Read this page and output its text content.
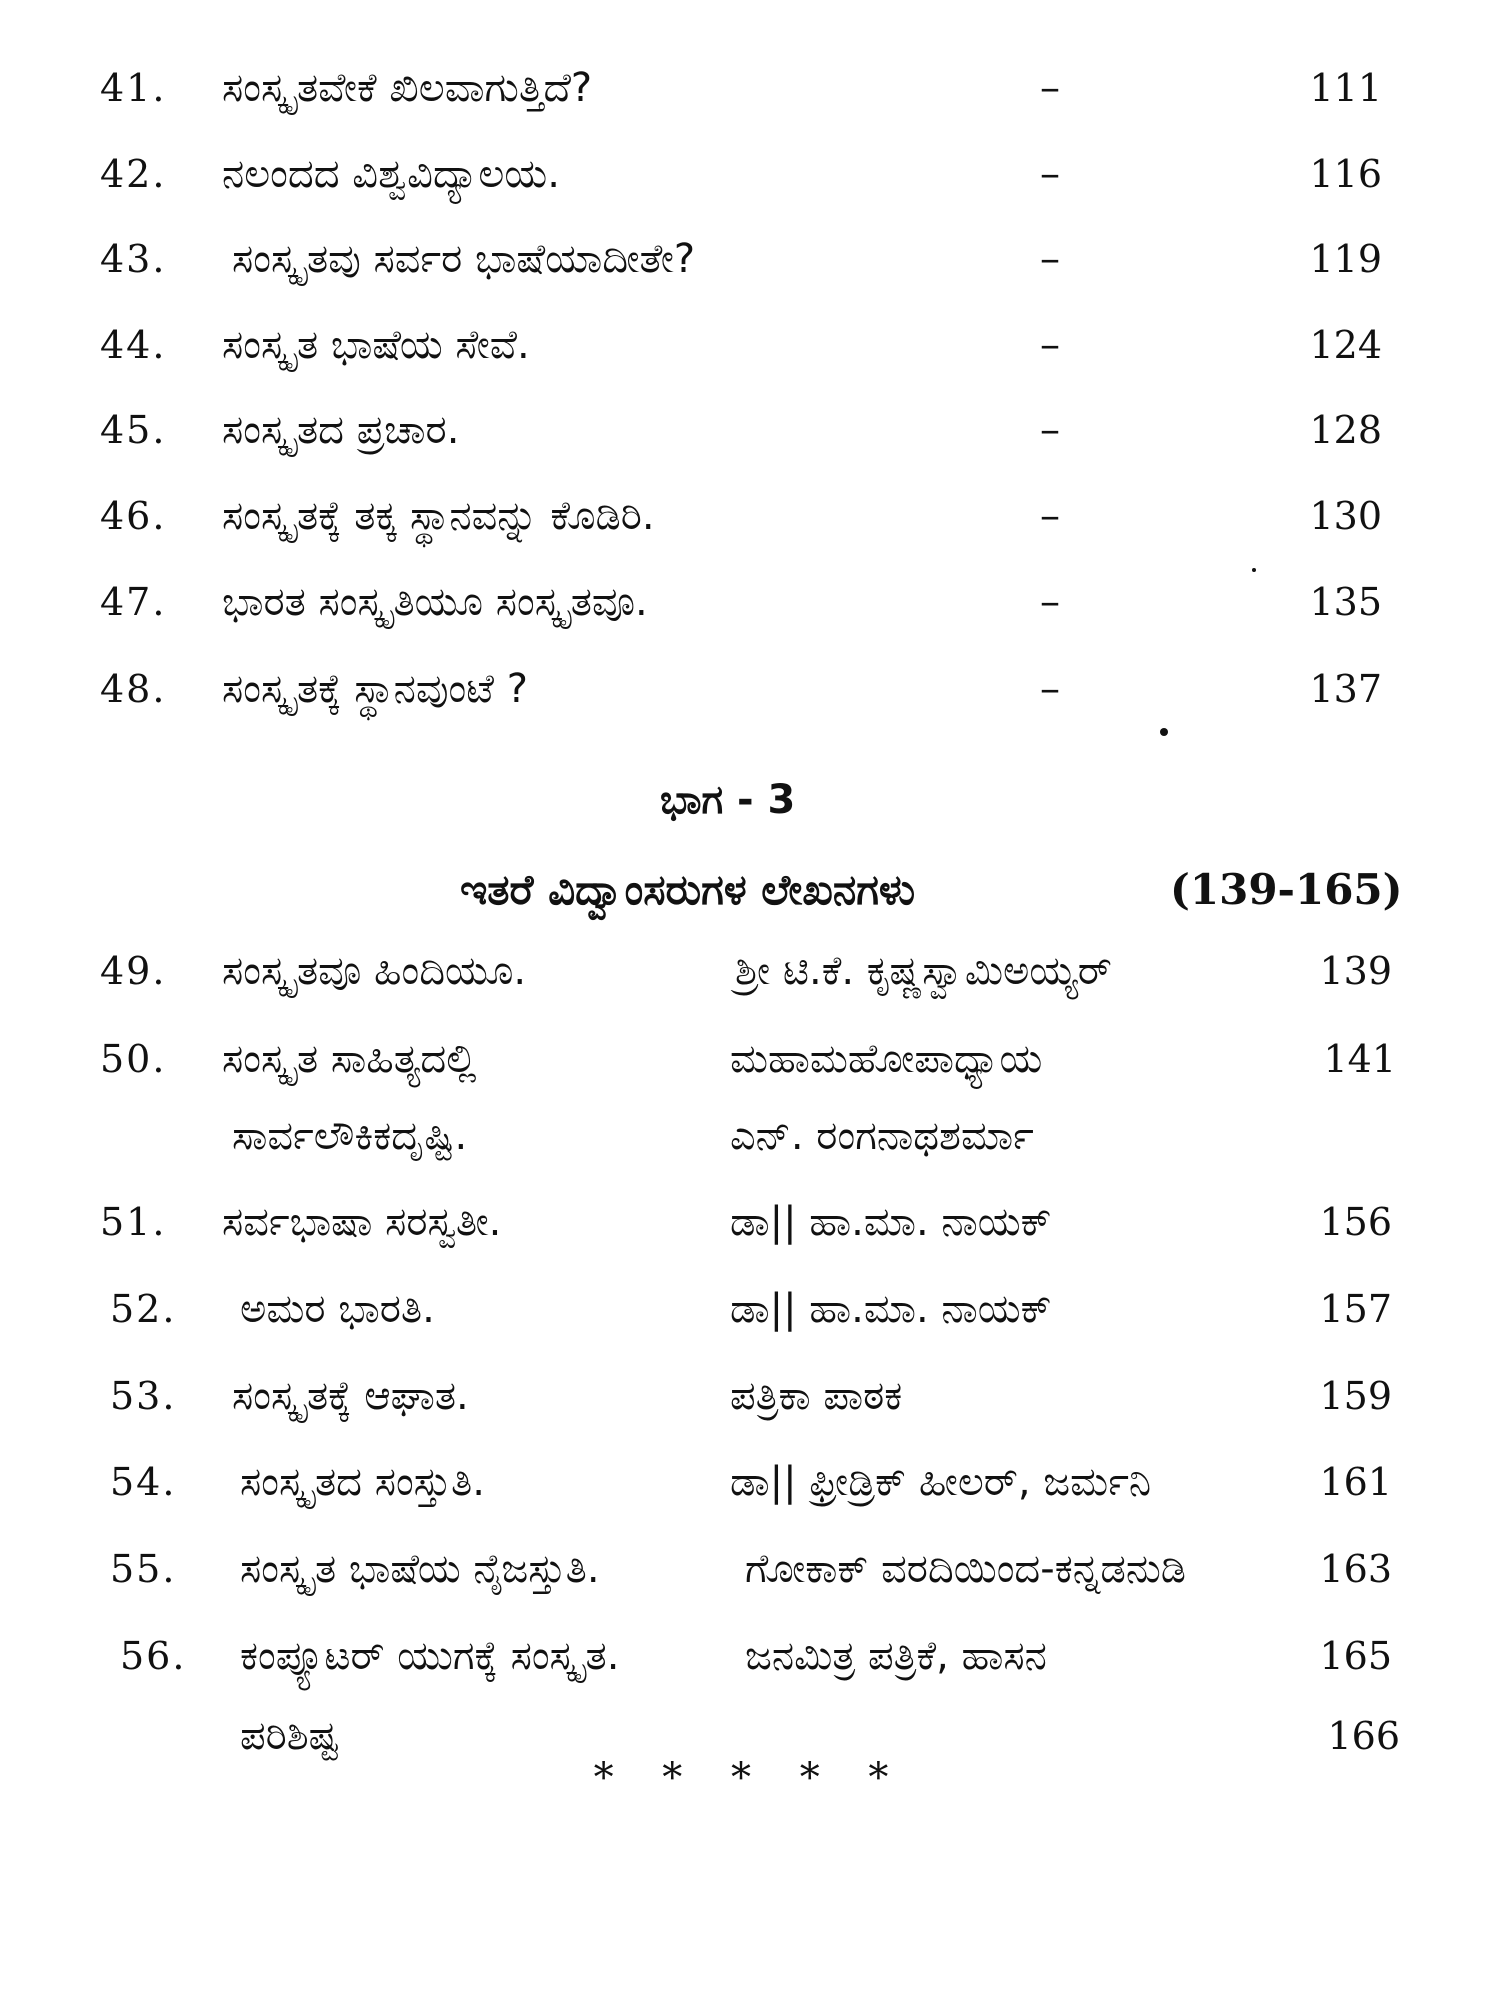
41. ಸಂಸ್ಕೃತವೇಕೆ ಖಿಲವಾಗುತ್ತಿದೆ?	–	111
42. ನಲಂದದ ವಿಶ್ವವಿದ್ಯಾಲಯ.	–	116
43. ಸಂಸ್ಕೃತವು ಸರ್ವರ ಭಾಷೆಯಾದೀತೇ?	–	119
44. ಸಂಸ್ಕೃತ ಭಾಷೆಯ ಸೇವೆ.	–	124
45. ಸಂಸ್ಕೃತದ ಪ್ರಚಾರ.	–	128
46. ಸಂಸ್ಕೃತಕ್ಕೆ ತಕ್ಕ ಸ್ಥಾನವನ್ನು ಕೊಡಿರಿ.	–	130
47. ಭಾರತ ಸಂಸ್ಕೃತಿಯೂ ಸಂಸ್ಕೃತವೂ.	–	135
48. ಸಂಸ್ಕೃತಕ್ಕೆ ಸ್ಥಾನವುಂಟೆ ?	–	137
ಭಾಗ - 3
ಇತರೆ ವಿದ್ವಾಂಸರುಗಳ ಲೇಖನಗಳು	(139-165)
49. ಸಂಸ್ಕೃತವೂ ಹಿಂದಿಯೂ.	ಶ್ರೀ ಟಿ.ಕೆ. ಕೃಷ್ಣಸ್ವಾಮಿಅಯ್ಯರ್	139
50. ಸಂಸ್ಕೃತ ಸಾಹಿತ್ಯದಲ್ಲಿ	ಮಹಾಮಹೋಪಾಧ್ಯಾಯ	141
ಸಾರ್ವಲೌಕಿಕದೃಷ್ಟಿ.	ಎನ್. ರಂಗನಾಥಶರ್ಮಾ
51. ಸರ್ವಭಾಷಾ ಸರಸ್ವತೀ.	ಡಾ|| ಹಾ.ಮಾ. ನಾಯಕ್	156
52. ಅಮರ ಭಾರತಿ.	ಡಾ|| ಹಾ.ಮಾ. ನಾಯಕ್	157
53. ಸಂಸ್ಕೃತಕ್ಕೆ ಆಘಾತ.	ಪತ್ರಿಕಾ ಪಾಠಕ	159
54. ಸಂಸ್ಕೃತದ ಸಂಸ್ತುತಿ.	ಡಾ|| ಫ್ರೀಡ್ರಿಕ್ ಹೀಲರ್, ಜರ್ಮನಿ	161
55. ಸಂಸ್ಕೃತ ಭಾಷೆಯ ನೈಜಸ್ತುತಿ.	ಗೋಕಾಕ್ ವರದಿಯಿಂದ-ಕನ್ನಡನುಡಿ	163
56. ಕಂಪ್ಯೂಟರ್ ಯುಗಕ್ಕೆ ಸಂಸ್ಕೃತ.	ಜನಮಿತ್ರ ಪತ್ರಿಕೆ, ಹಾಸನ	165
ಪರಿಶಿಷ್ಟ	166
* * * * *
